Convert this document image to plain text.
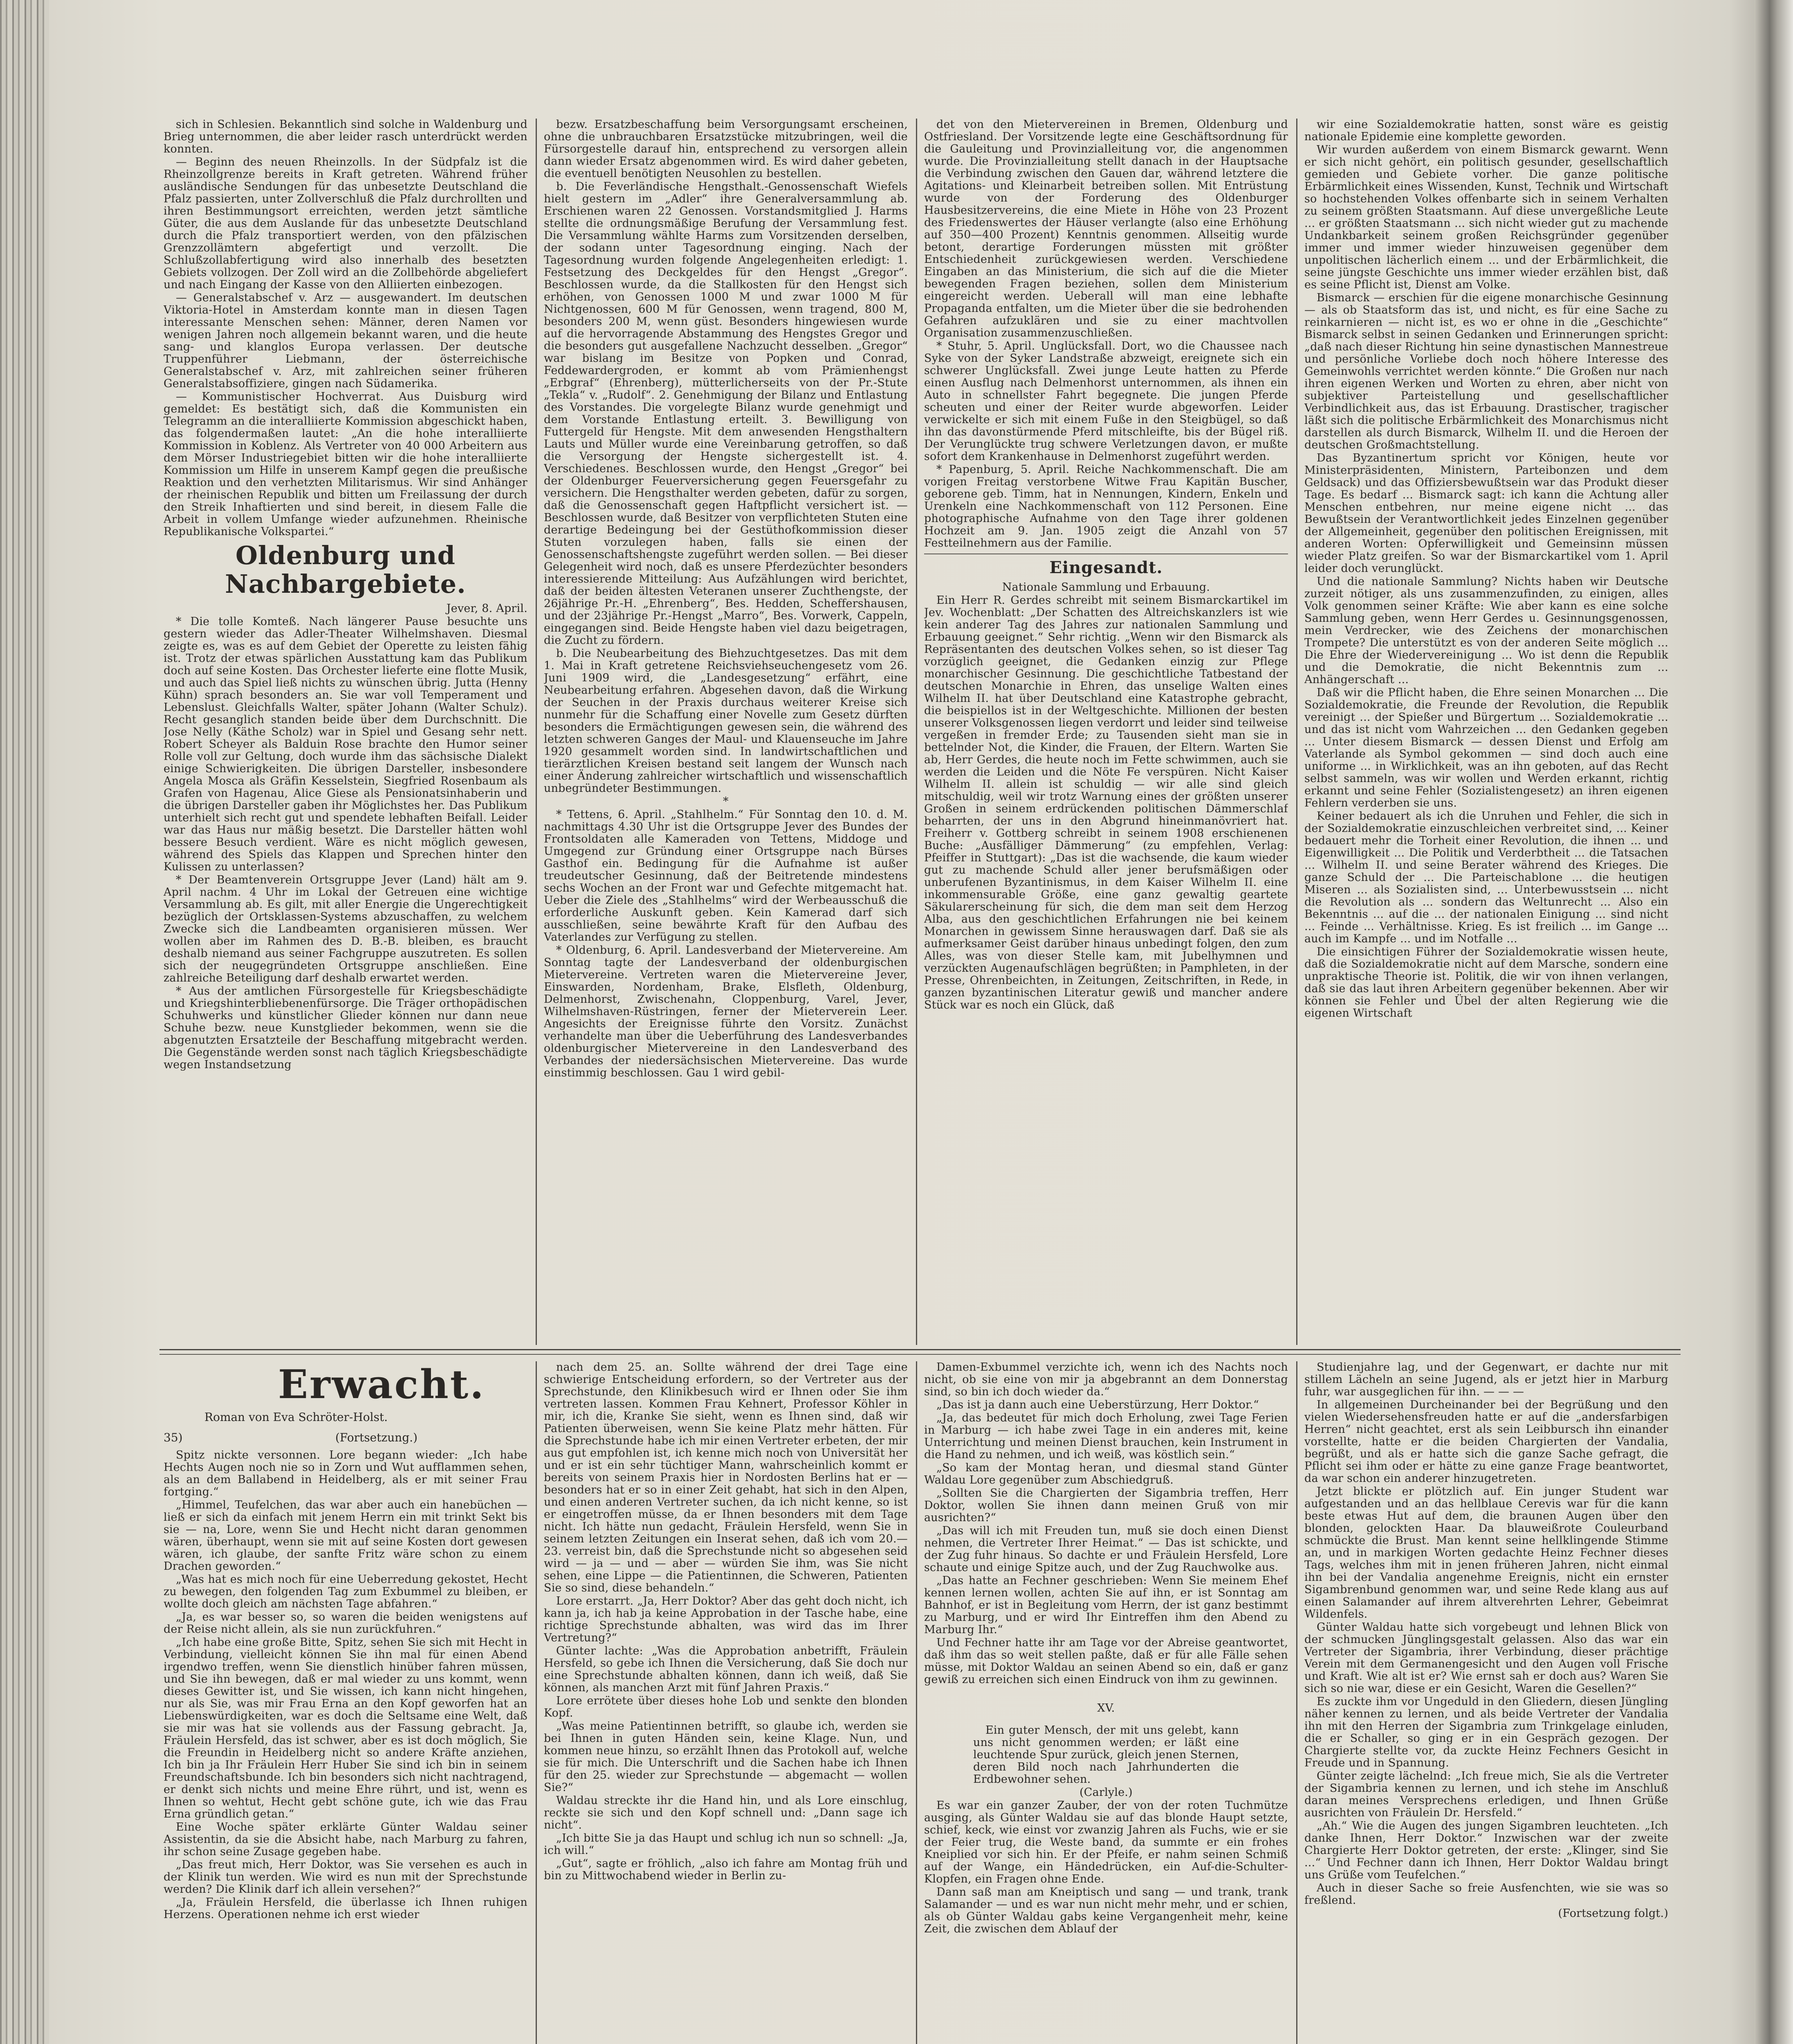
sich in Schlesien. Bekanntlich sind solche in Waldenburg und Brieg unternommen, die aber leider rasch unterdrückt werden konnten.

— Beginn des neuen Rheinzolls. In der Südpfalz ist die Rheinzollgrenze bereits in Kraft getreten. Während früher ausländische Sendungen für das unbesetzte Deutschland die Pfalz passierten, unter Zollverschluß die Pfalz durchrollten und ihren Bestimmungsort erreichten, werden jetzt sämtliche Güter, die aus dem Auslande für das unbesetzte Deutschland durch die Pfalz transportiert werden, von den pfälzischen Grenzzollämtern abgefertigt und verzollt. Die Schlußzollabfertigung wird also innerhalb des besetzten Gebiets vollzogen. Der Zoll wird an die Zollbehörde abgeliefert und nach Eingang der Kasse von den Alliierten einbezogen.

— Generalstabschef v. Arz — ausgewandert. Im deutschen Viktoria-Hotel in Amsterdam konnte man in diesen Tagen interessante Menschen sehen: Männer, deren Namen vor wenigen Jahren noch allgemein bekannt waren, und die heute sang- und klanglos Europa verlassen. Der deutsche Truppenführer Liebmann, der österreichische Generalstabschef v. Arz, mit zahlreichen seiner früheren Generalstabsoffiziere, gingen nach Südamerika.

— Kommunistischer Hochverrat. Aus Duisburg wird gemeldet: Es bestätigt sich, daß die Kommunisten ein Telegramm an die interalliierte Kommission abgeschickt haben, das folgendermaßen lautet: „An die hohe interalliierte Kommission in Koblenz. Als Vertreter von 40 000 Arbeitern aus dem Mörser Industriegebiet bitten wir die hohe interalliierte Kommission um Hilfe in unserem Kampf gegen die preußische Reaktion und den verhetzten Militarismus. Wir sind Anhänger der rheinischen Republik und bitten um Freilassung der durch den Streik Inhaftierten und sind bereit, in diesem Falle die Arbeit in vollem Umfange wieder aufzunehmen. Rheinische Republikanische Volkspartei.“

Oldenburg und Nachbargebiete.

Jever, 8. April.

* Die tolle Komteß. Nach längerer Pause besuchte uns gestern wieder das Adler-Theater Wilhelmshaven. Diesmal zeigte es, was es auf dem Gebiet der Operette zu leisten fähig ist. Trotz der etwas spärlichen Ausstattung kam das Publikum doch auf seine Kosten. Das Orchester lieferte eine flotte Musik, und auch das Spiel ließ nichts zu wünschen übrig. Jutta (Henny Kühn) sprach besonders an. Sie war voll Temperament und Lebenslust. Gleichfalls Walter, später Johann (Walter Schulz). Recht gesanglich standen beide über dem Durchschnitt. Die Jose Nelly (Käthe Scholz) war in Spiel und Gesang sehr nett. Robert Scheyer als Balduin Rose brachte den Humor seiner Rolle voll zur Geltung, doch wurde ihm das sächsische Dialekt einige Schwierigkeiten. Die übrigen Darsteller, insbesondere Angela Mosca als Gräfin Kesselstein, Siegfried Rosenbaum als Grafen von Hagenau, Alice Giese als Pensionatsinhaberin und die übrigen Darsteller gaben ihr Möglichstes her. Das Publikum unterhielt sich recht gut und spendete lebhaften Beifall. Leider war das Haus nur mäßig besetzt. Die Darsteller hätten wohl bessere Besuch verdient. Wäre es nicht möglich gewesen, während des Spiels das Klappen und Sprechen hinter den Kulissen zu unterlassen?

* Der Beamtenverein Ortsgruppe Jever (Land) hält am 9. April nachm. 4 Uhr im Lokal der Getreuen eine wichtige Versammlung ab. Es gilt, mit aller Energie die Ungerechtigkeit bezüglich der Ortsklassen-Systems abzuschaffen, zu welchem Zwecke sich die Landbeamten organisieren müssen. Wer wollen aber im Rahmen des D. B.-B. bleiben, es braucht deshalb niemand aus seiner Fachgruppe auszutreten. Es sollen sich der neugegründeten Ortsgruppe anschließen. Eine zahlreiche Beteiligung darf deshalb erwartet werden.

* Aus der amtlichen Fürsorgestelle für Kriegsbeschädigte und Kriegshinterbliebenenfürsorge. Die Träger orthopädischen Schuhwerks und künstlicher Glieder können nur dann neue Schuhe bezw. neue Kunstglieder bekommen, wenn sie die abgenutzten Ersatzteile der Beschaffung mitgebracht werden. Die Gegenstände werden sonst nach täglich Kriegsbeschädigte wegen Instandsetzung

bezw. Ersatzbeschaffung beim Versorgungsamt erscheinen, ohne die unbrauchbaren Ersatzstücke mitzubringen, weil die Fürsorgestelle darauf hin, entsprechend zu versorgen allein dann wieder Ersatz abgenommen wird. Es wird daher gebeten, die eventuell benötigten Neusohlen zu bestellen.

b. Die Feverländische Hengsthalt.-Genossenschaft Wiefels hielt gestern im „Adler“ ihre Generalversammlung ab. Erschienen waren 22 Genossen. Vorstandsmitglied J. Harms stellte die ordnungsmäßige Berufung der Versammlung fest. Die Versammlung wählte Harms zum Vorsitzenden derselben, der sodann unter Tagesordnung einging. Nach der Tagesordnung wurden folgende Angelegenheiten erledigt: 1. Festsetzung des Deckgeldes für den Hengst „Gregor“. Beschlossen wurde, da die Stallkosten für den Hengst sich erhöhen, von Genossen 1000 M und zwar 1000 M für Nichtgenossen, 600 M für Genossen, wenn tragend, 800 M, besonders 200 M, wenn güst. Besonders hingewiesen wurde auf die hervorragende Abstammung des Hengstes Gregor und die besonders gut ausgefallene Nachzucht desselben. „Gregor“ war bislang im Besitze von Popken und Conrad, Feddewardergroden, er kommt ab vom Prämienhengst „Erbgraf“ (Ehrenberg), mütterlicherseits von der Pr.-Stute „Tekla“ v. „Rudolf“. 2. Genehmigung der Bilanz und Entlastung des Vorstandes. Die vorgelegte Bilanz wurde genehmigt und dem Vorstande Entlastung erteilt. 3. Bewilligung von Futtergeld für Hengste. Mit dem anwesenden Hengsthaltern Lauts und Müller wurde eine Vereinbarung getroffen, so daß die Versorgung der Hengste sichergestellt ist. 4. Verschiedenes. Beschlossen wurde, den Hengst „Gregor“ bei der Oldenburger Feuerversicherung gegen Feuersgefahr zu versichern. Die Hengsthalter werden gebeten, dafür zu sorgen, daß die Genossenschaft gegen Haftpflicht versichert ist. — Beschlossen wurde, daß Besitzer von verpflichteten Stuten eine derartige Bedeingung bei der Gestüthofkommission dieser Stuten vorzulegen haben, falls sie einen der Genossenschaftshengste zugeführt werden sollen. — Bei dieser Gelegenheit wird noch, daß es unsere Pferdezüchter besonders interessierende Mitteilung: Aus Aufzählungen wird berichtet, daß der beiden ältesten Veteranen unserer Zuchthengste, der 26jährige Pr.-H. „Ehrenberg“, Bes. Hedden, Scheffershausen, und der 23jährige Pr.-Hengst „Marro“, Bes. Vorwerk, Cappeln, eingegangen sind. Beide Hengste haben viel dazu beigetragen, die Zucht zu fördern.

b. Die Neubearbeitung des Biehzuchtgesetzes. Das mit dem 1. Mai in Kraft getretene Reichsviehseuchengesetz vom 26. Juni 1909 wird, die „Landesgesetzung“ erfährt, eine Neubearbeitung erfahren. Abgesehen davon, daß die Wirkung der Seuchen in der Praxis durchaus weiterer Kreise sich nunmehr für die Schaffung einer Novelle zum Gesetz dürften besonders die Ermächtigungen gewesen sein, die während des letzten schweren Ganges der Maul- und Klauenseuche im Jahre 1920 gesammelt worden sind. In landwirtschaftlichen und tierärztlichen Kreisen bestand seit langem der Wunsch nach einer Änderung zahlreicher wirtschaftlich und wissenschaftlich unbegründeter Bestimmungen.

*

* Tettens, 6. April. „Stahlhelm.“ Für Sonntag den 10. d. M. nachmittags 4.30 Uhr ist die Ortsgruppe Jever des Bundes der Frontsoldaten alle Kameraden von Tettens, Middoge und Umgegend zur Gründung einer Ortsgruppe nach Bürses Gasthof ein. Bedingung für die Aufnahme ist außer treudeutscher Gesinnung, daß der Beitretende mindestens sechs Wochen an der Front war und Gefechte mitgemacht hat. Ueber die Ziele des „Stahlhelms“ wird der Werbeausschuß die erforderliche Auskunft geben. Kein Kamerad darf sich ausschließen, seine bewährte Kraft für den Aufbau des Vaterlandes zur Verfügung zu stellen.

* Oldenburg, 6. April. Landesverband der Mietervereine. Am Sonntag tagte der Landesverband der oldenburgischen Mietervereine. Vertreten waren die Mietervereine Jever, Einswarden, Nordenham, Brake, Elsfleth, Oldenburg, Delmenhorst, Zwischenahn, Cloppenburg, Varel, Jever, Wilhelmshaven-Rüstringen, ferner der Mieterverein Leer. Angesichts der Ereignisse führte den Vorsitz. Zunächst verhandelte man über die Ueberführung des Landesverbandes oldenburgischer Mietervereine in den Landesverband des Verbandes der niedersächsischen Mietervereine. Das wurde einstimmig beschlossen. Gau 1 wird gebil-

det von den Mietervereinen in Bremen, Oldenburg und Ostfriesland. Der Vorsitzende legte eine Geschäftsordnung für die Gauleitung und Provinzialleitung vor, die angenommen wurde. Die Provinzialleitung stellt danach in der Hauptsache die Verbindung zwischen den Gauen dar, während letztere die Agitations- und Kleinarbeit betreiben sollen. Mit Entrüstung wurde von der Forderung des Oldenburger Hausbesitzervereins, die eine Miete in Höhe von 23 Prozent des Friedenswertes der Häuser verlangte (also eine Erhöhung auf 350—400 Prozent) Kenntnis genommen. Allseitig wurde betont, derartige Forderungen müssten mit größter Entschiedenheit zurückgewiesen werden. Verschiedene Eingaben an das Ministerium, die sich auf die die Mieter bewegenden Fragen beziehen, sollen dem Ministerium eingereicht werden. Ueberall will man eine lebhafte Propaganda entfalten, um die Mieter über die sie bedrohenden Gefahren aufzuklären und sie zu einer machtvollen Organisation zusammenzuschließen.

* Stuhr, 5. April. Unglücksfall. Dort, wo die Chaussee nach Syke von der Syker Landstraße abzweigt, ereignete sich ein schwerer Unglücksfall. Zwei junge Leute hatten zu Pferde einen Ausflug nach Delmenhorst unternommen, als ihnen ein Auto in schnellster Fahrt begegnete. Die jungen Pferde scheuten und einer der Reiter wurde abgeworfen. Leider verwickelte er sich mit einem Fuße in den Steigbügel, so daß ihn das davonstürmende Pferd mitschleifte, bis der Bügel riß. Der Verunglückte trug schwere Verletzungen davon, er mußte sofort dem Krankenhause in Delmenhorst zugeführt werden.

* Papenburg, 5. April. Reiche Nachkommenschaft. Die am vorigen Freitag verstorbene Witwe Frau Kapitän Buscher, geborene geb. Timm, hat in Nennungen, Kindern, Enkeln und Urenkeln eine Nachkommenschaft von 112 Personen. Eine photographische Aufnahme von den Tage ihrer goldenen Hochzeit am 9. Jan. 1905 zeigt die Anzahl von 57 Festteilnehmern aus der Familie.

Eingesandt.

Nationale Sammlung und Erbauung.

Ein Herr R. Gerdes schreibt mit seinem Bismarckartikel im Jev. Wochenblatt: „Der Schatten des Altreichskanzlers ist wie kein anderer Tag des Jahres zur nationalen Sammlung und Erbauung geeignet.“ Sehr richtig. „Wenn wir den Bismarck als Repräsentanten des deutschen Volkes sehen, so ist dieser Tag vorzüglich geeignet, die Gedanken einzig zur Pflege monarchischer Gesinnung. Die geschichtliche Tatbestand der deutschen Monarchie in Ehren, das unselige Walten eines Wilhelm II. hat über Deutschland eine Katastrophe gebracht, die beispiellos ist in der Weltgeschichte. Millionen der besten unserer Volksgenossen liegen verdorrt und leider sind teilweise vergeßen in fremder Erde; zu Tausenden sieht man sie in bettelnder Not, die Kinder, die Frauen, der Eltern. Warten Sie ab, Herr Gerdes, die heute noch im Fette schwimmen, auch sie werden die Leiden und die Nöte Fe verspüren. Nicht Kaiser Wilhelm II. allein ist schuldig — wir alle sind gleich mitschuldig, weil wir trotz Warnung eines der größten unserer Großen in seinem erdrückenden politischen Dämmerschlaf beharrten, der uns in den Abgrund hineinmanövriert hat. Freiherr v. Gottberg schreibt in seinem 1908 erschienenen Buche: „Ausfälliger Dämmerung“ (zu empfehlen, Verlag: Pfeiffer in Stuttgart): „Das ist die wachsende, die kaum wieder gut zu machende Schuld aller jener berufsmäßigen oder unberufenen Byzantinismus, in dem Kaiser Wilhelm II. eine inkommensurable Größe, eine ganz gewaltig geartete Säkularerscheinung für sich, die dem man seit dem Herzog Alba, aus den geschichtlichen Erfahrungen nie bei keinem Monarchen in gewissem Sinne herauswagen darf. Daß sie als aufmerksamer Geist darüber hinaus unbedingt folgen, den zum Alles, was von dieser Stelle kam, mit Jubelhymnen und verzückten Augenaufschlägen begrüßten; in Pamphleten, in der Presse, Ohrenbeichten, in Zeitungen, Zeitschriften, in Rede, in ganzen byzantinischen Literatur gewiß und mancher andere Stück war es noch ein Glück, daß

wir eine Sozialdemokratie hatten, sonst wäre es geistig nationale Epidemie eine komplette geworden.

Wir wurden außerdem von einem Bismarck gewarnt. Wenn er sich nicht gehört, ein politisch gesunder, gesellschaftlich gemieden und Gebiete vorher. Die ganze politische Erbärmlichkeit eines Wissenden, Kunst, Technik und Wirtschaft so hochstehenden Volkes offenbarte sich in seinem Verhalten zu seinem größten Staatsmann. Auf diese unvergeßliche Leute ... er größten Staatsmann ... sich nicht wieder gut zu machende Undankbarkeit seinem großen Reichsgründer gegenüber immer und immer wieder hinzuweisen gegenüber dem unpolitischen lächerlich einem ... und der Erbärmlichkeit, die seine jüngste Geschichte uns immer wieder erzählen bist, daß es seine Pflicht ist, Dienst am Volke.

Bismarck — erschien für die eigene monarchische Gesinnung — als ob Staatsform das ist, und nicht, es für eine Sache zu reinkarnieren — nicht ist, es wo er ohne in die „Geschichte“ Bismarck selbst in seinen Gedanken und Erinnerungen spricht: „daß nach dieser Richtung hin seine dynastischen Mannestreue und persönliche Vorliebe doch noch höhere Interesse des Gemeinwohls verrichtet werden könnte.“ Die Großen nur nach ihren eigenen Werken und Worten zu ehren, aber nicht von subjektiver Parteistellung und gesellschaftlicher Verbindlichkeit aus, das ist Erbauung. Drastischer, tragischer läßt sich die politische Erbärmlichkeit des Monarchismus nicht darstellen als durch Bismarck, Wilhelm II. und die Heroen der deutschen Großmachtstellung.

Das Byzantinertum spricht vor Königen, heute vor Ministerpräsidenten, Ministern, Parteibonzen und dem Geldsack) und das Offiziersbewußtsein war das Produkt dieser Tage. Es bedarf ... Bismarck sagt: ich kann die Achtung aller Menschen entbehren, nur meine eigene nicht ... das Bewußtsein der Verantwortlichkeit jedes Einzelnen gegenüber der Allgemeinheit, gegenüber den politischen Ereignissen, mit anderen Worten: Opferwilligkeit und Gemeinsinn müssen wieder Platz greifen. So war der Bismarckartikel vom 1. April leider doch verunglückt.

Und die nationale Sammlung? Nichts haben wir Deutsche zurzeit nötiger, als uns zusammenzufinden, zu einigen, alles Volk genommen seiner Kräfte: Wie aber kann es eine solche Sammlung geben, wenn Herr Gerdes u. Gesinnungsgenossen, mein Verdrecker, wie des Zeichens der monarchischen Trompete? Die unterstützt es von der anderen Seite möglich ... Die Ehre der Wiedervereinigung ... Wo ist denn die Republik und die Demokratie, die nicht Bekenntnis zum ... Anhängerschaft ...

Daß wir die Pflicht haben, die Ehre seinen Monarchen ... Die Sozialdemokratie, die Freunde der Revolution, die Republik vereinigt ... der Spießer und Bürgertum ... Sozialdemokratie ... und das ist nicht vom Wahrzeichen ... den Gedanken gegeben ... Unter diesem Bismarck — dessen Dienst und Erfolg am Vaterlande als Symbol gekommen — sind doch auch eine uniforme ... in Wirklichkeit, was an ihn geboten, auf das Recht selbst sammeln, was wir wollen und Werden erkannt, richtig erkannt und seine Fehler (Sozialistengesetz) an ihren eigenen Fehlern verderben sie uns.

Keiner bedauert als ich die Unruhen und Fehler, die sich in der Sozialdemokratie einzuschleichen verbreitet sind, ... Keiner bedauert mehr die Torheit einer Revolution, die ihnen ... und Eigenwilligkeit ... Die Politik und Verderbtheit ... die Tatsachen ... Wilhelm II. und seine Berater während des Krieges. Die ganze Schuld der ... Die Parteischablone ... die heutigen Miseren ... als Sozialisten sind, ... Unterbewusstsein ... nicht die Revolution als ... sondern das Weltunrecht ... Also ein Bekenntnis ... auf die ... der nationalen Einigung ... sind nicht ... Feinde ... Verhältnisse. Krieg. Es ist freilich ... im Gange ... auch im Kampfe ... und im Notfalle ...

Die einsichtigen Führer der Sozialdemokratie wissen heute, daß die Sozialdemokratie nicht auf dem Marsche, sondern eine unpraktische Theorie ist. Politik, die wir von ihnen verlangen, daß sie das laut ihren Arbeitern gegenüber bekennen. Aber wir können sie Fehler und Übel der alten Regierung wie die eigenen Wirtschaft

Erwacht.
Roman von Eva Schröter-Holst.
35)	(Fortsetzung.)

Spitz nickte versonnen. Lore begann wieder: „Ich habe Hechts Augen noch nie so in Zorn und Wut aufflammen sehen, als an dem Ballabend in Heidelberg, als er mit seiner Frau fortging.“

„Himmel, Teufelchen, das war aber auch ein hanebüchen — ließ er sich da einfach mit jenem Herrn ein mit trinkt Sekt bis sie — na, Lore, wenn Sie und Hecht nicht daran genommen wären, überhaupt, wenn sie mit auf seine Kosten dort gewesen wären, ich glaube, der sanfte Fritz wäre schon zu einem Drachen geworden.“

„Was hat es mich noch für eine Ueberredung gekostet, Hecht zu bewegen, den folgenden Tag zum Exbummel zu bleiben, er wollte doch gleich am nächsten Tage abfahren.“

„Ja, es war besser so, so waren die beiden wenigstens auf der Reise nicht allein, als sie nun zurückfuhren.“

„Ich habe eine große Bitte, Spitz, sehen Sie sich mit Hecht in Verbindung, vielleicht können Sie ihn mal für einen Abend irgendwo treffen, wenn Sie dienstlich hinüber fahren müssen, und Sie ihn bewegen, daß er mal wieder zu uns kommt, wenn dieses Gewitter ist, und Sie wissen, ich kann nicht hingehen, nur als Sie, was mir Frau Erna an den Kopf geworfen hat an Liebenswürdigkeiten, war es doch die Seltsame eine Welt, daß sie mir was hat sie vollends aus der Fassung gebracht. Ja, Fräulein Hersfeld, das ist schwer, aber es ist doch möglich, Sie die Freundin in Heidelberg nicht so andere Kräfte anziehen, Ich bin ja Ihr Fräulein Herr Huber Sie sind ich bin in seinem Freundschaftsbunde. Ich bin besonders sich nicht nachtragend, er denkt sich nichts und meine Ehre rührt, und ist, wenn es Ihnen so wehtut, Hecht gebt schöne gute, ich wie das Frau Erna gründlich getan.“

Eine Woche später erklärte Günter Waldau seiner Assistentin, da sie die Absicht habe, nach Marburg zu fahren, ihr schon seine Zusage gegeben habe.

„Das freut mich, Herr Doktor, was Sie versehen es auch in der Klinik tun werden. Wie wird es nun mit der Sprechstunde werden? Die Klinik darf ich allein versehen?“

„Ja, Fräulein Hersfeld, die überlasse ich Ihnen ruhigen Herzens. Operationen nehme ich erst wieder

nach dem 25. an. Sollte während der drei Tage eine schwierige Entscheidung erfordern, so der Vertreter aus der Sprechstunde, den Klinikbesuch wird er Ihnen oder Sie ihm vertreten lassen. Kommen Frau Kehnert, Professor Köhler in mir, ich die, Kranke Sie sieht, wenn es Ihnen sind, daß wir Patienten überweisen, wenn Sie keine Platz mehr hätten. Für die Sprechstunde habe ich mir einen Vertreter erbeten, der mir aus gut empfohlen ist, ich kenne mich noch von Universität her und er ist ein sehr tüchtiger Mann, wahrscheinlich kommt er bereits von seinem Praxis hier in Nordosten Berlins hat er — besonders hat er so in einer Zeit gehabt, hat sich in den Alpen, und einen anderen Vertreter suchen, da ich nicht kenne, so ist er eingetroffen müsse, da er Ihnen besonders mit dem Tage nicht. Ich hätte nun gedacht, Fräulein Hersfeld, wenn Sie in seinem letzten Zeitungen ein Inserat sehen, daß ich vom 20.—23. verreist bin, daß die Sprechstunde nicht so abgesehen seid wird — ja — und — aber — würden Sie ihm, was Sie nicht sehen, eine Lippe — die Patientinnen, die Schweren, Patienten Sie so sind, diese behandeln.“

Lore erstarrt. „Ja, Herr Doktor? Aber das geht doch nicht, ich kann ja, ich hab ja keine Approbation in der Tasche habe, eine richtige Sprechstunde abhalten, was wird das im Ihrer Vertretung?“

Günter lachte: „Was die Approbation anbetrifft, Fräulein Hersfeld, so gebe ich Ihnen die Versicherung, daß Sie doch nur eine Sprechstunde abhalten können, dann ich weiß, daß Sie können, als manchen Arzt mit fünf Jahren Praxis.“

Lore errötete über dieses hohe Lob und senkte den blonden Kopf.

„Was meine Patientinnen betrifft, so glaube ich, werden sie bei Ihnen in guten Händen sein, keine Klage. Nun, und kommen neue hinzu, so erzählt Ihnen das Protokoll auf, welche sie für mich. Die Unterschrift und die Sachen habe ich Ihnen für den 25. wieder zur Sprechstunde — abgemacht — wollen Sie?“

Waldau streckte ihr die Hand hin, und als Lore einschlug, reckte sie sich und den Kopf schnell und: „Dann sage ich nicht“.

„Ich bitte Sie ja das Haupt und schlug ich nun so schnell: „Ja, ich will.“

„Gut“, sagte er fröhlich, „also ich fahre am Montag früh und bin zu Mittwochabend wieder in Berlin zu-

Damen-Exbummel verzichte ich, wenn ich des Nachts noch nicht, ob sie eine von mir ja abgebrannt an dem Donnerstag sind, so bin ich doch wieder da.“

„Das ist ja dann auch eine Ueberstürzung, Herr Doktor.“

„Ja, das bedeutet für mich doch Erholung, zwei Tage Ferien in Marburg — ich habe zwei Tage in ein anderes mit, keine Unterrichtung und meinen Dienst brauchen, kein Instrument in die Hand zu nehmen, und ich weiß, was köstlich sein.“

„So kam der Montag heran, und diesmal stand Günter Waldau Lore gegenüber zum Abschiedgruß.

„Sollten Sie die Chargierten der Sigambria treffen, Herr Doktor, wollen Sie ihnen dann meinen Gruß von mir ausrichten?“

„Das will ich mit Freuden tun, muß sie doch einen Dienst nehmen, die Vertreter Ihrer Heimat.“ — Das ist schickte, und der Zug fuhr hinaus. So dachte er und Fräulein Hersfeld, Lore schaute und einige Spitze auch, und der Zug Rauchwolke aus.

„Das hatte an Fechner geschrieben: Wenn Sie meinem Ehef kennen lernen wollen, achten Sie auf ihn, er ist Sonntag am Bahnhof, er ist in Begleitung vom Herrn, der ist ganz bestimmt zu Marburg, und er wird Ihr Eintreffen ihm den Abend zu Marburg Ihr.“

Und Fechner hatte ihr am Tage vor der Abreise geantwortet, daß ihm das so weit stellen paßte, daß er für alle Fälle sehen müsse, mit Doktor Waldau an seinen Abend so ein, daß er ganz gewiß zu erreichen sich einen Eindruck von ihm zu gewinnen.

XV.

Ein guter Mensch, der mit uns gelebt, kann uns nicht genommen werden; er läßt eine leuchtende Spur zurück, gleich jenen Sternen, deren Bild noch nach Jahrhunderten die Erdbewohner sehen.

(Carlyle.)

Es war ein ganzer Zauber, der von der roten Tuchmütze ausging, als Günter Waldau sie auf das blonde Haupt setzte, schief, keck, wie einst vor zwanzig Jahren als Fuchs, wie er sie der Feier trug, die Weste band, da summte er ein frohes Kneiplied vor sich hin. Er der Pfeife, er nahm seinen Schmiß auf der Wange, ein Händedrücken, ein Auf-die-Schulter-Klopfen, ein Fragen ohne Ende.

Dann saß man am Kneiptisch und sang — und trank, trank Salamander — und es war nun nicht mehr mehr, und er schien, als ob Günter Waldau gabs keine Vergangenheit mehr, keine Zeit, die zwischen dem Ablauf der

Studienjahre lag, und der Gegenwart, er dachte nur mit stillem Lächeln an seine Jugend, als er jetzt hier in Marburg fuhr, war ausgeglichen für ihn. — — —

In allgemeinen Durcheinander bei der Begrüßung und den vielen Wiedersehensfreuden hatte er auf die „andersfarbigen Herren“ nicht geachtet, erst als sein Leibbursch ihn einander vorstellte, hatte er die beiden Chargierten der Vandalia, begrüßt, und als er hatte sich die ganze Sache gefragt, die Pflicht sei ihm oder er hätte zu eine ganze Frage beantwortet, da war schon ein anderer hinzugetreten.

Jetzt blickte er plötzlich auf. Ein junger Student war aufgestanden und an das hellblaue Cerevis war für die kann beste etwas Hut auf dem, die braunen Augen über den blonden, gelockten Haar. Da blauweißrote Couleurband schmückte die Brust. Man kennt seine hellklingende Stimme an, und in markigen Worten gedachte Heinz Fechner dieses Tags, welches ihm mit in jenen früheren Jahren, nicht einmal ihn bei der Vandalia angenehme Ereignis, nicht ein ernster Sigambrenbund genommen war, und seine Rede klang aus auf einen Salamander auf ihrem altverehrten Lehrer, Gebeimrat Wildenfels.

Günter Waldau hatte sich vorgebeugt und lehnen Blick von der schmucken Jünglingsgestalt gelassen. Also das war ein Vertreter der Sigambria, ihrer Verbindung, dieser prächtige Verein mit dem Germanengesicht und den Augen voll Frische und Kraft. Wie alt ist er? Wie ernst sah er doch aus? Waren Sie sich so nie war, diese er ein Gesicht, Waren die Gesellen?“

Es zuckte ihm vor Ungeduld in den Gliedern, diesen Jüngling näher kennen zu lernen, und als beide Vertreter der Vandalia ihn mit den Herren der Sigambria zum Trinkgelage einluden, die er Schaller, so ging er in ein Gespräch gezogen. Der Chargierte stellte vor, da zuckte Heinz Fechners Gesicht in Freude und in Spannung.

Günter zeigte lächelnd: „Ich freue mich, Sie als die Vertreter der Sigambria kennen zu lernen, und ich stehe im Anschluß daran meines Versprechens erledigen, und Ihnen Grüße ausrichten von Fräulein Dr. Hersfeld.“

„Ah.“ Wie die Augen des jungen Sigambren leuchteten. „Ich danke Ihnen, Herr Doktor.“ Inzwischen war der zweite Chargierte Herr Doktor getreten, der erste: „Klinger, sind Sie ...“ Und Fechner dann ich Ihnen, Herr Doktor Waldau bringt uns Grüße vom Teufelchen.“

Auch in dieser Sache so freie Ausfenchten, wie sie was so freßlend.

(Fortsetzung folgt.)
